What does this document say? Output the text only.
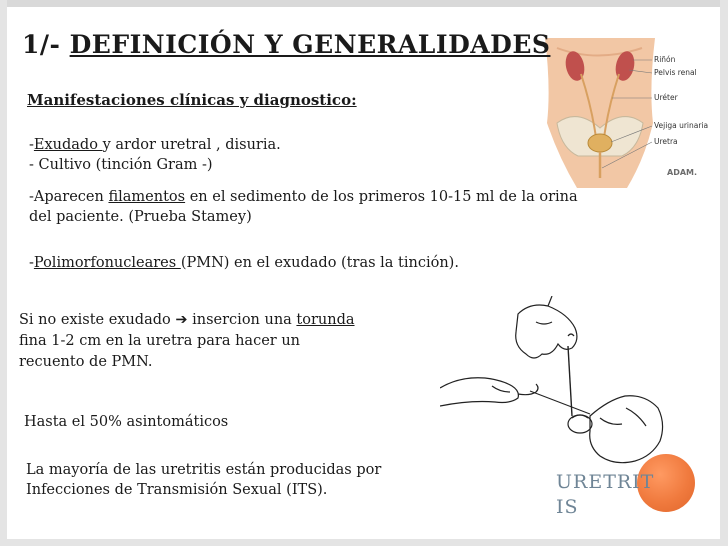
Riñón
Pelvis renal
Uréter
Vejiga urinaria
Uretra
ADAM.
1/- DEFINICIÓN Y GENERALIDADES
Manifestaciones clínicas y diagnostico:
-Exudado y ardor uretral , disuria.
- Cultivo (tinción Gram -)
-Aparecen filamentos en el sedimento de los primeros 10-15 ml de la orina
del paciente. (Prueba Stamey)
-Polimorfonucleares (PMN) en el exudado (tras la tinción).
Si no existe exudado ➔ insercion una torunda
fina 1-2 cm en la uretra para hacer un
recuento de PMN.
Hasta el 50% asintomáticos
La mayoría de las uretritis están producidas por
Infecciones de Transmisión Sexual (ITS).	URETRIT
IS
